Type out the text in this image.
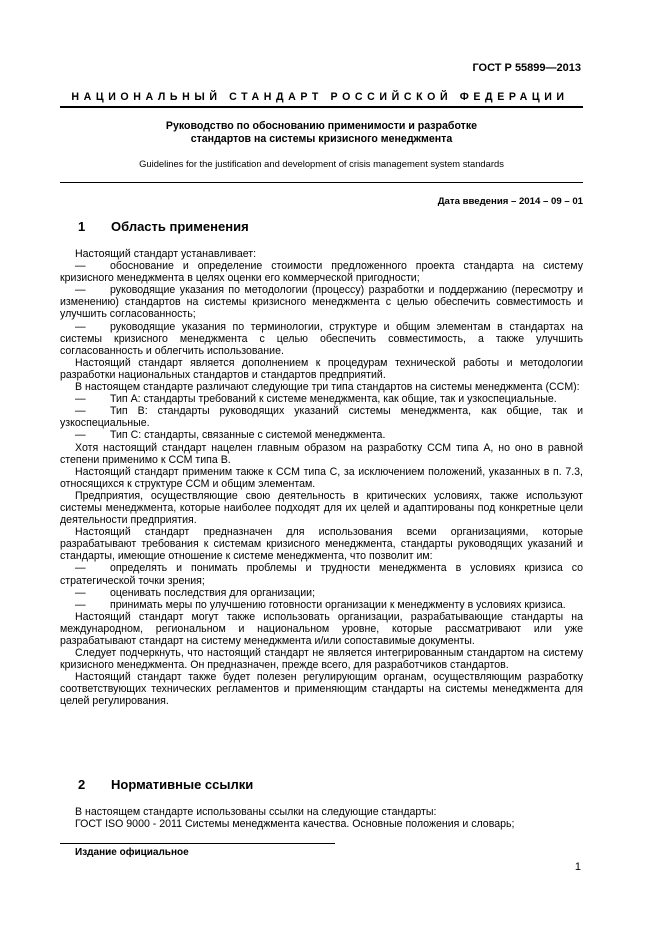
ГОСТ Р 55899—2013
НАЦИОНАЛЬНЫЙ СТАНДАРТ РОССИЙСКОЙ ФЕДЕРАЦИИ
Руководство по обоснованию применимости и разработке
стандартов на системы кризисного менеджмента
Guidelines for the justification and development of crisis management system standards
Дата введения – 2014 – 09 – 01
1 Область применения

Настоящий стандарт устанавливает:

— обоснование и определение стоимости предложенного проекта стандарта на систему кризисного менеджмента в целях оценки его коммерческой пригодности;

— руководящие указания по методологии (процессу) разработки и поддержанию (пересмотру и изменению) стандартов на системы кризисного менеджмента с целью обеспечить совместимость и улучшить согласованность;

— руководящие указания по терминологии, структуре и общим элементам в стандартах на системы кризисного менеджмента с целью обеспечить совместимость, а также улучшить согласованность и облегчить использование.

Настоящий стандарт является дополнением к процедурам технической работы и методологии разработки национальных стандартов и стандартов предприятий.

В настоящем стандарте различают следующие три типа стандартов на системы менеджмента (CCM):

— Тип А: стандарты требований к системе менеджмента, как общие, так и узкоспециальные.

— Тип В: стандарты руководящих указаний системы менеджмента, как общие, так и узкоспециальные.

— Тип С: стандарты, связанные с системой менеджмента.

Хотя настоящий стандарт нацелен главным образом на разработку ССМ типа А, но оно в равной степени применимо к ССМ типа В.

Настоящий стандарт применим также к ССМ типа С, за исключением положений, указанных в п. 7.3, относящихся к структуре ССМ и общим элементам.

Предприятия, осуществляющие свою деятельность в критических условиях, также используют системы менеджмента, которые наиболее подходят для их целей и адаптированы под конкретные цели деятельности предприятия.

Настоящий стандарт предназначен для использования всеми организациями, которые разрабатывают требования к системам кризисного менеджмента, стандарты руководящих указаний и стандарты, имеющие отношение к системе менеджмента, что позволит им:

— определять и понимать проблемы и трудности менеджмента в условиях кризиса со стратегической точки зрения;

— оценивать последствия для организации;

— принимать меры по улучшению готовности организации к менеджменту в условиях кризиса.

Настоящий стандарт могут также использовать организации, разрабатывающие стандарты на международном, региональном и национальном уровне, которые рассматривают или уже разрабатывают стандарт на систему менеджмента и/или сопоставимые документы.

Следует подчеркнуть, что настоящий стандарт не является интегрированным стандартом на систему кризисного менеджмента. Он предназначен, прежде всего, для разработчиков стандартов.

Настоящий стандарт также будет полезен регулирующим органам, осуществляющим разработку соответствующих технических регламентов и применяющим стандарты на системы менеджмента для целей регулирования.

2 Нормативные ссылки

В настоящем стандарте использованы ссылки на следующие стандарты:

ГОСТ ISO 9000 - 2011 Системы менеджмента качества. Основные положения и словарь;

Издание официальное
1
